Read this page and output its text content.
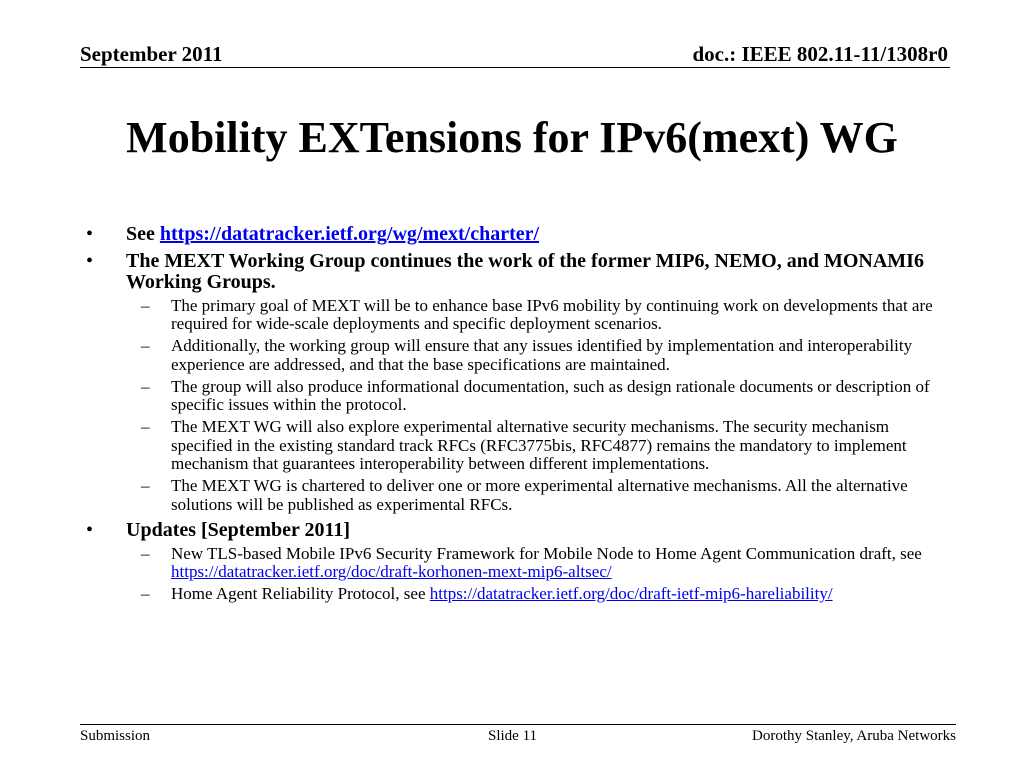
September 2011	doc.: IEEE 802.11-11/1308r0
Mobility EXTensions for IPv6(mext) WG
• See https://datatracker.ietf.org/wg/mext/charter/
• The MEXT Working Group continues the work of the former MIP6, NEMO, and MONAMI6 Working Groups.
– The primary goal of MEXT will be to enhance base IPv6 mobility by continuing work on developments that are required for wide-scale deployments and specific deployment scenarios.
– Additionally, the working group will ensure that any issues identified by implementation and interoperability experience are addressed, and that the base specifications are maintained.
– The group will also produce informational documentation, such as design rationale documents or description of specific issues within the protocol.
– The MEXT WG will also explore experimental alternative security mechanisms. The security mechanism specified in the existing standard track RFCs (RFC3775bis, RFC4877) remains the mandatory to implement mechanism that guarantees interoperability between different implementations.
– The MEXT WG is chartered to deliver one or more experimental alternative mechanisms. All the alternative solutions will be published as experimental RFCs.
• Updates [September 2011]
– New TLS-based Mobile IPv6 Security Framework for Mobile Node to Home Agent Communication draft, see https://datatracker.ietf.org/doc/draft-korhonen-mext-mip6-altsec/
– Home Agent Reliability Protocol, see https://datatracker.ietf.org/doc/draft-ietf-mip6-hareliability/
Submission	Slide 11	Dorothy Stanley, Aruba Networks
